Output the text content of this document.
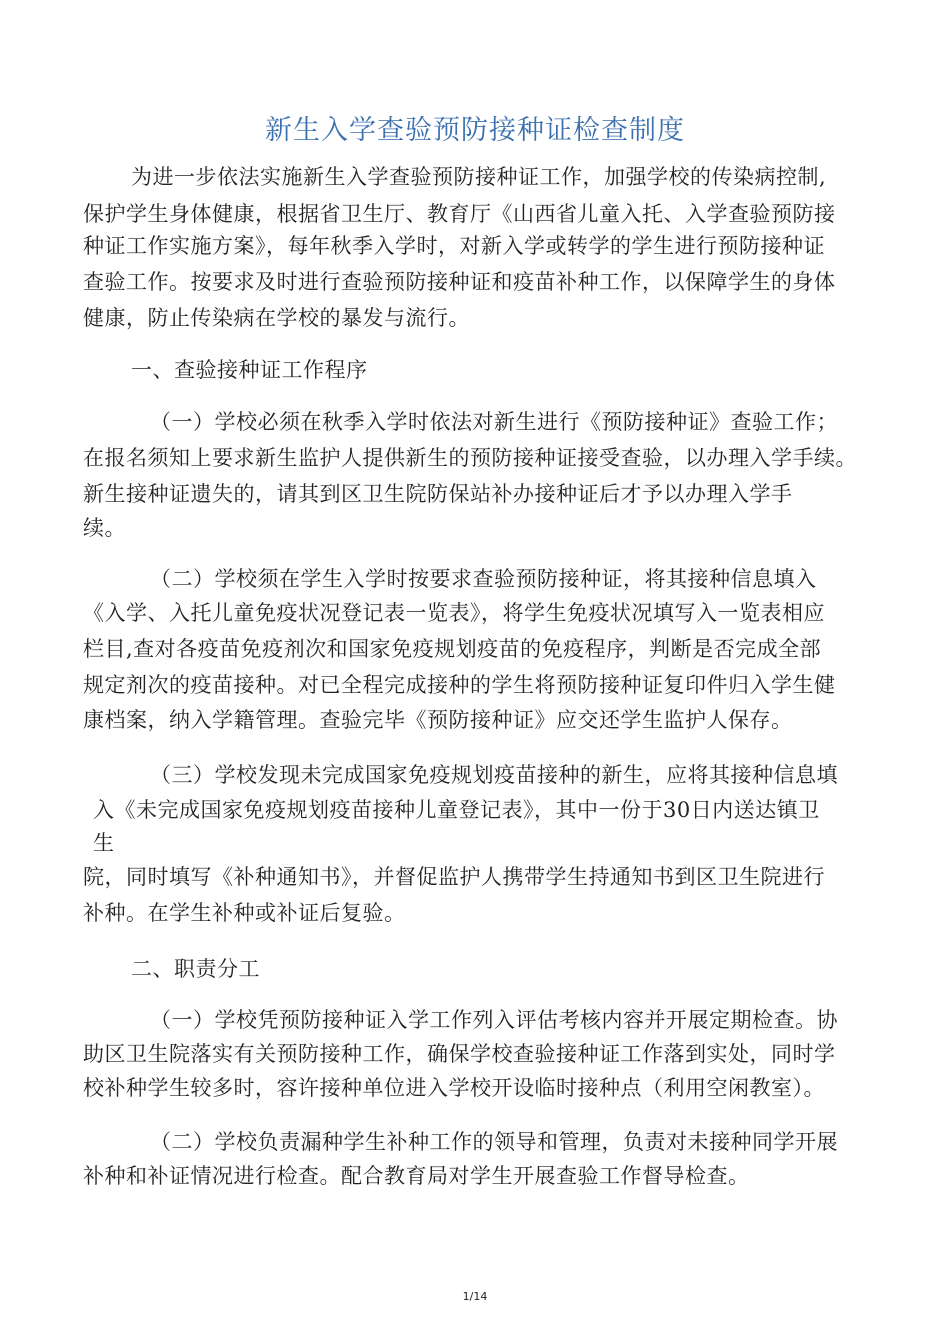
新生入学查验预防接种证检查制度
为进一步依法实施新生入学查验预防接种证工作，加强学校的传染病控制,
保护学生身体健康，根据省卫生厅、教育厅《山西省儿童入托、入学查验预防接
种证工作实施方案》，每年秋季入学时，对新入学或转学的学生进行预防接种证
查验工作。按要求及时进行查验预防接种证和疫苗补种工作，以保障学生的身体
健康，防止传染病在学校的暴发与流行。
一、查验接种证工作程序
（一）学校必须在秋季入学时依法对新生进行《预防接种证》查验工作；
在报名须知上要求新生监护人提供新生的预防接种证接受查验，以办理入学手续。
新生接种证遗失的，请其到区卫生院防保站补办接种证后才予以办理入学手
续。
（二）学校须在学生入学时按要求查验预防接种证，将其接种信息填入
《入学、入托儿童免疫状况登记表一览表》，将学生免疫状况填写入一览表相应
栏目,查对各疫苗免疫剂次和国家免疫规划疫苗的免疫程序，判断是否完成全部
规定剂次的疫苗接种。对已全程完成接种的学生将预防接种证复印件归入学生健
康档案，纳入学籍管理。查验完毕《预防接种证》应交还学生监护人保存。
（三）学校发现未完成国家免疫规划疫苗接种的新生，应将其接种信息填
入《未完成国家免疫规划疫苗接种儿童登记表》，其中一份于30日内送达镇卫
生
院，同时填写《补种通知书》，并督促监护人携带学生持通知书到区卫生院进行
补种。在学生补种或补证后复验。
二、职责分工
（一）学校凭预防接种证入学工作列入评估考核内容并开展定期检查。协
助区卫生院落实有关预防接种工作，确保学校查验接种证工作落到实处，同时学
校补种学生较多时，容许接种单位进入学校开设临时接种点（利用空闲教室）。
（二）学校负责漏种学生补种工作的领导和管理，负责对未接种同学开展
补种和补证情况进行检查。配合教育局对学生开展查验工作督导检查。
1/14
